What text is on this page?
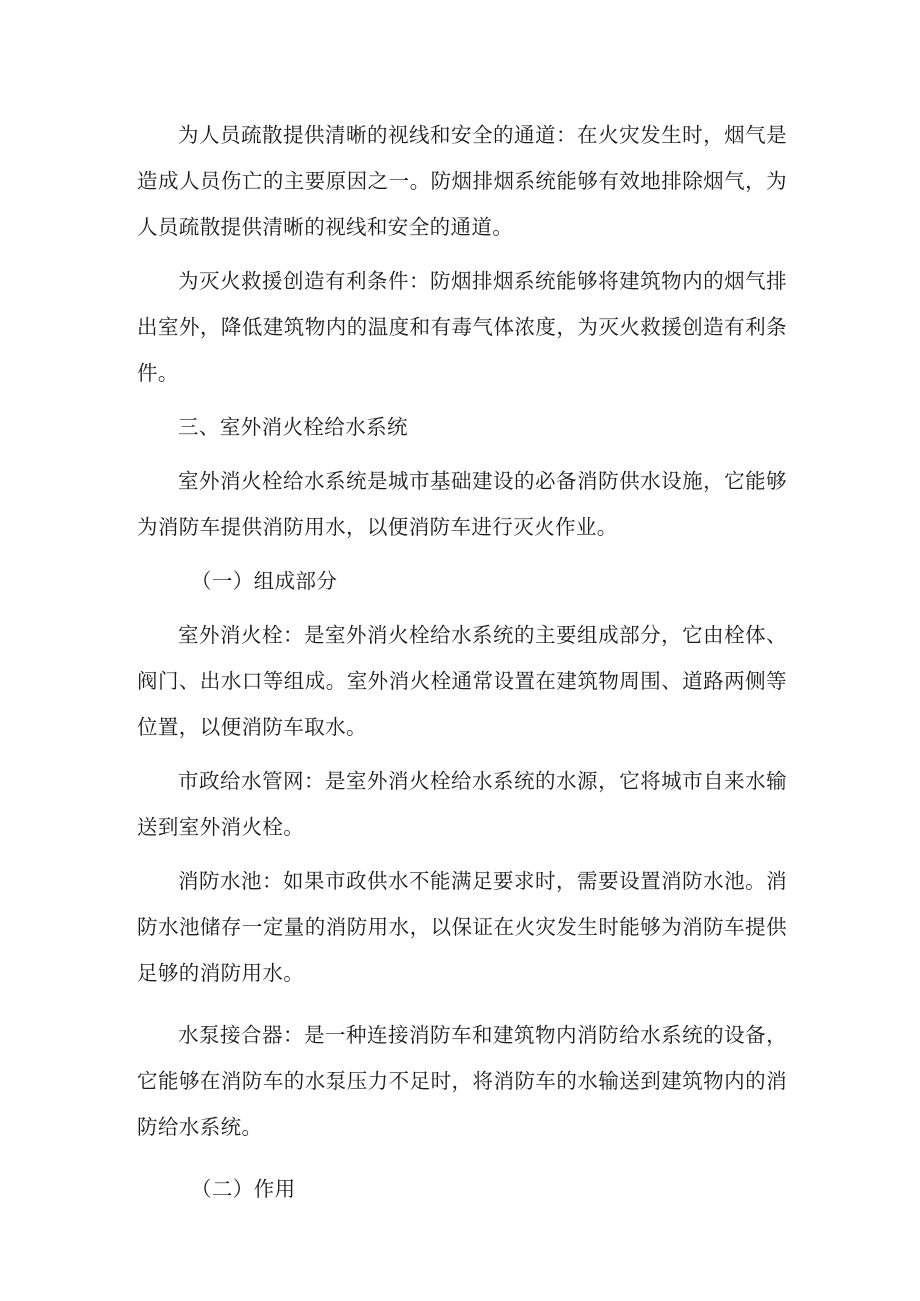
为人员疏散提供清晰的视线和安全的通道：在火灾发生时，烟气是造成人员伤亡的主要原因之一。防烟排烟系统能够有效地排除烟气，为人员疏散提供清晰的视线和安全的通道。

为灭火救援创造有利条件：防烟排烟系统能够将建筑物内的烟气排出室外，降低建筑物内的温度和有毒气体浓度，为灭火救援创造有利条件。

三、室外消火栓给水系统

室外消火栓给水系统是城市基础建设的必备消防供水设施，它能够为消防车提供消防用水，以便消防车进行灭火作业。

（一）组成部分

室外消火栓：是室外消火栓给水系统的主要组成部分，它由栓体、阀门、出水口等组成。室外消火栓通常设置在建筑物周围、道路两侧等位置，以便消防车取水。

市政给水管网：是室外消火栓给水系统的水源，它将城市自来水输送到室外消火栓。

消防水池：如果市政供水不能满足要求时，需要设置消防水池。消防水池储存一定量的消防用水，以保证在火灾发生时能够为消防车提供足够的消防用水。

水泵接合器：是一种连接消防车和建筑物内消防给水系统的设备，它能够在消防车的水泵压力不足时，将消防车的水输送到建筑物内的消防给水系统。

（二）作用
